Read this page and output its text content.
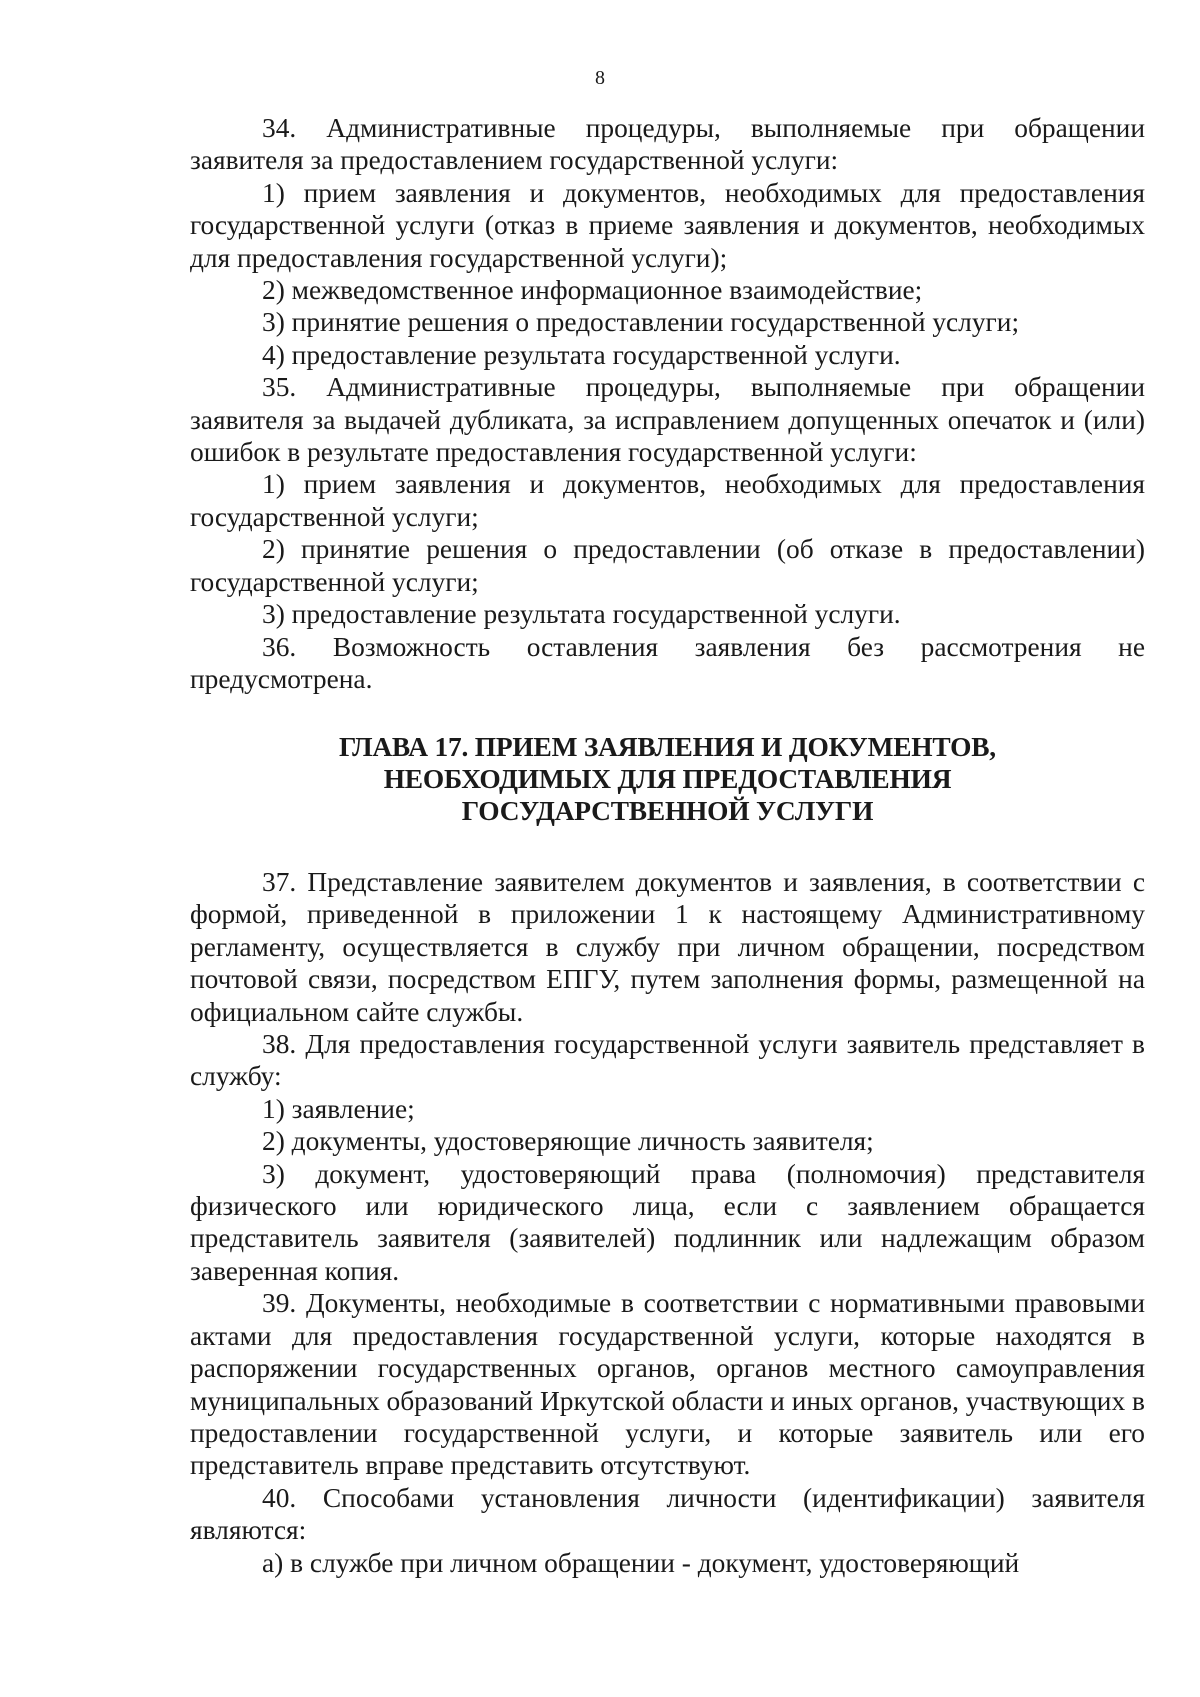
8

34. Административные процедуры, выполняемые при обращении заявителя за предоставлением государственной услуги:

1) прием заявления и документов, необходимых для предоставления государственной услуги (отказ в приеме заявления и документов, необходимых для предоставления государственной услуги);

2) межведомственное информационное взаимодействие;

3) принятие решения о предоставлении государственной услуги;

4) предоставление результата государственной услуги.

35. Административные процедуры, выполняемые при обращении заявителя за выдачей дубликата, за исправлением допущенных опечаток и (или) ошибок в результате предоставления государственной услуги:

1) прием заявления и документов, необходимых для предоставления государственной услуги;

2) принятие решения о предоставлении (об отказе в предоставлении) государственной услуги;

3) предоставление результата государственной услуги.

36. Возможность оставления заявления без рассмотрения не предусмотрена.

ГЛАВА 17. ПРИЕМ ЗАЯВЛЕНИЯ И ДОКУМЕНТОВ,
НЕОБХОДИМЫХ ДЛЯ ПРЕДОСТАВЛЕНИЯ
ГОСУДАРСТВЕННОЙ УСЛУГИ

37. Представление заявителем документов и заявления, в соответствии с формой, приведенной в приложении 1 к настоящему Административному регламенту, осуществляется в службу при личном обращении, посредством почтовой связи, посредством ЕПГУ, путем заполнения формы, размещенной на официальном сайте службы.

38. Для предоставления государственной услуги заявитель представляет в службу:

1) заявление;

2) документы, удостоверяющие личность заявителя;

3) документ, удостоверяющий права (полномочия) представителя физического или юридического лица, если с заявлением обращается представитель заявителя (заявителей) подлинник или надлежащим образом заверенная копия.

39. Документы, необходимые в соответствии с нормативными правовыми актами для предоставления государственной услуги, которые находятся в распоряжении государственных органов, органов местного самоуправления муниципальных образований Иркутской области и иных органов, участвующих в предоставлении государственной услуги, и которые заявитель или его представитель вправе представить отсутствуют.

40. Способами установления личности (идентификации) заявителя являются:

а) в службе при личном обращении - документ, удостоверяющий
